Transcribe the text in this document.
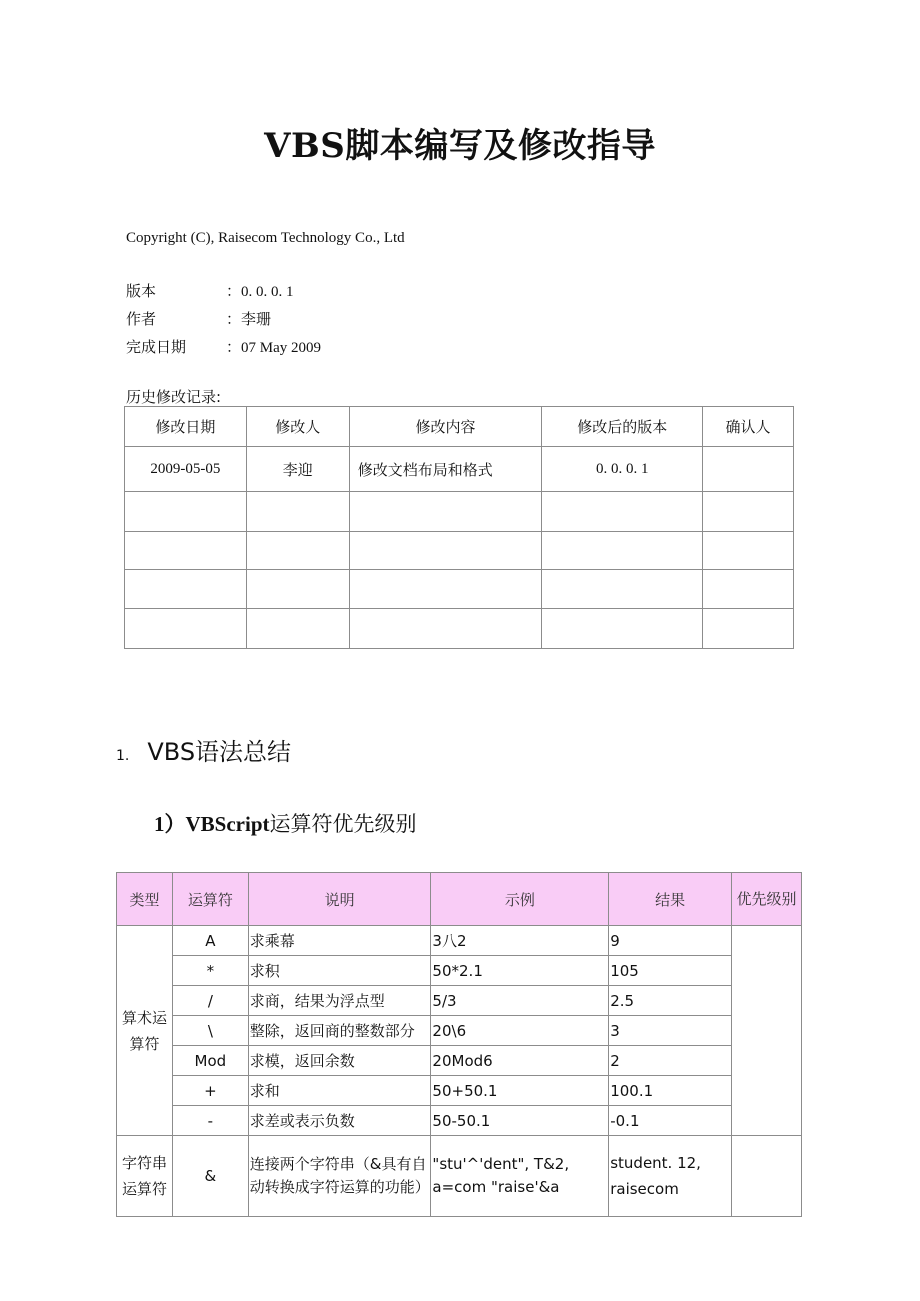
VBS脚本编写及修改指导
Copyright (C), Raisecom Technology Co., Ltd
版本	：0. 0. 0. 1
作者	：李珊
完成日期	：07 May 2009
历史修改记录:
修改日期	修改人	修改内容	修改后的版本	确认人
2009-05-05	李迎	修改文档布局和格式	0. 0. 0. 1	

1. VBS语法总结
1）VBScript运算符优先级别
类型	运算符	说明	示例	结果	优先级别
算术运算符	A	求乘幕	3八2	9	
	*	求积	50*2.1	105	
	/	求商，结果为浮点型	5/3	2.5	
	\	整除，返回商的整数部分	20\6	3	
	Mod	求模，返回余数	20Mod6	2	
	+	求和	50+50.1	100.1	
	-	求差或表示负数	50-50.1	-0.1	
字符串运算符	&	连接两个字符串（&具有自动转换成字符运算的功能）	"stu'^'dent", T&2, a=com "raise'&a	student. 12, raisecom	
